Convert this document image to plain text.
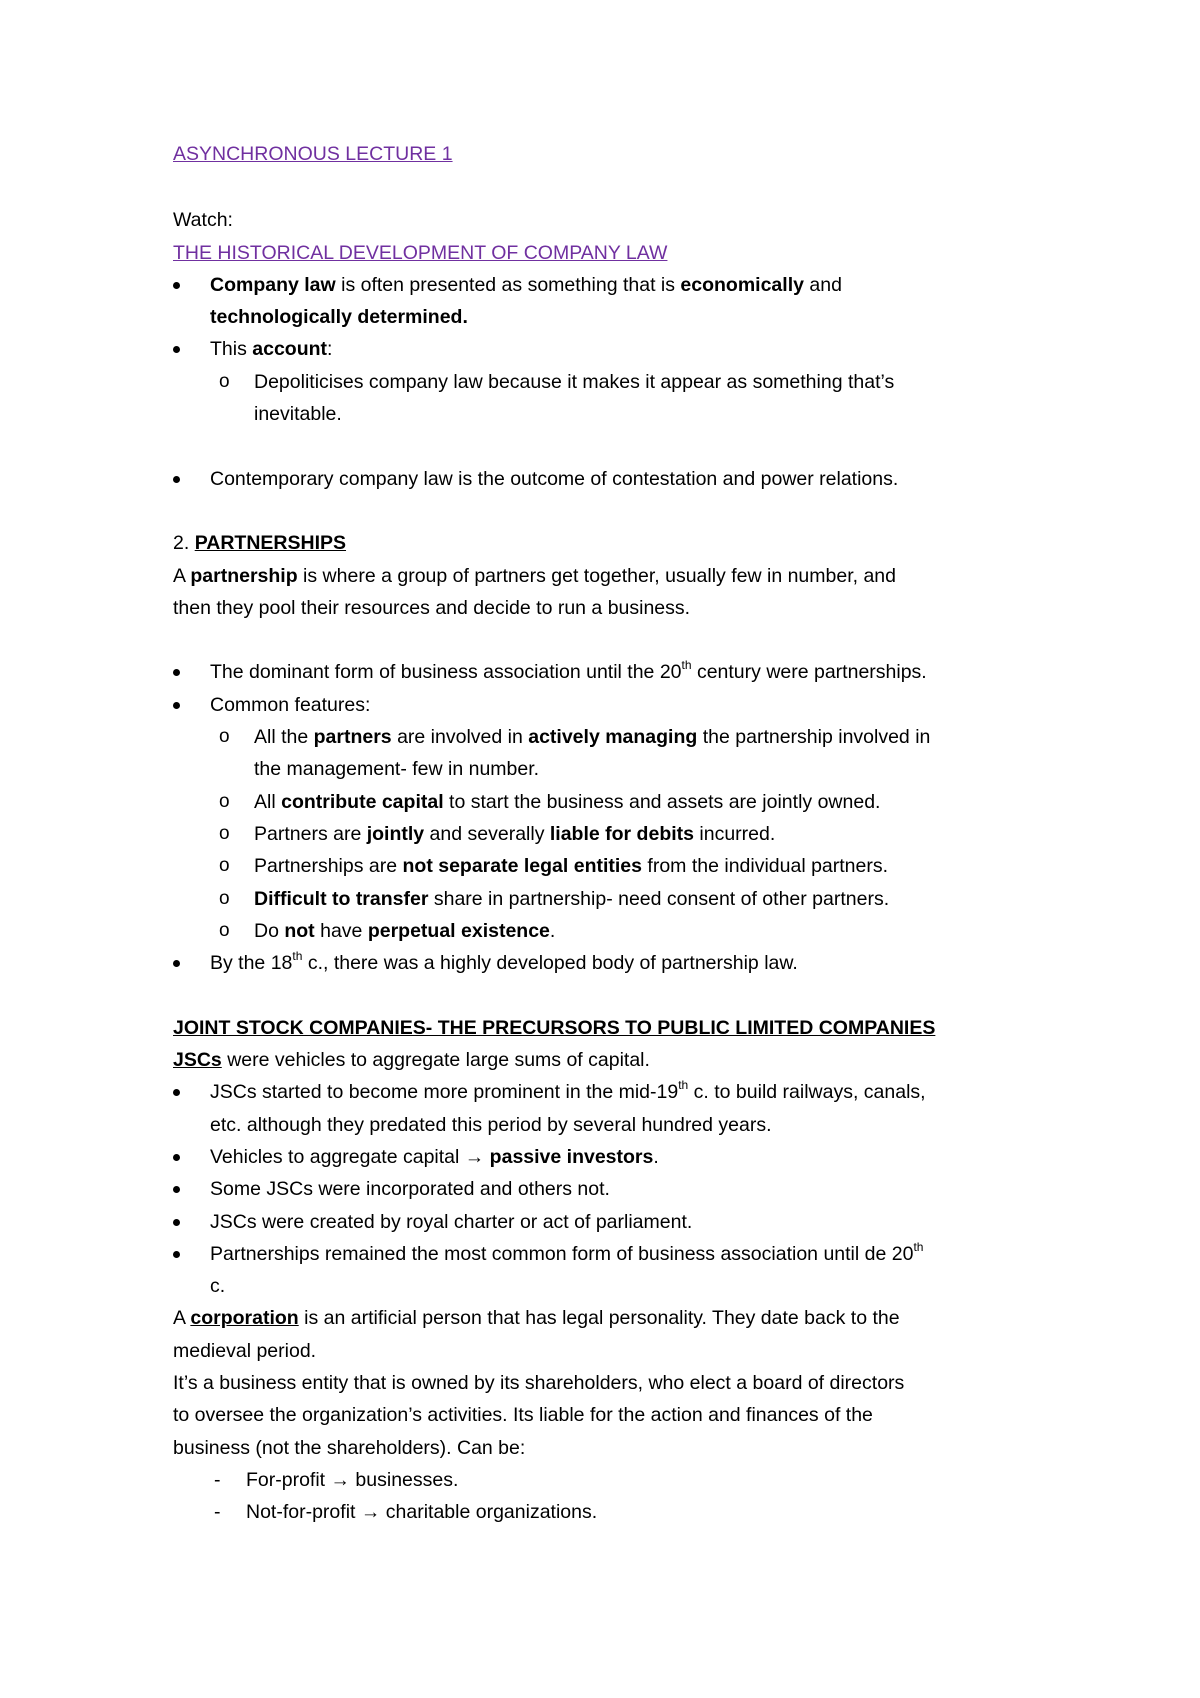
ASYNCHRONOUS LECTURE 1
Watch:
THE HISTORICAL DEVELOPMENT OF COMPANY LAW
Company law is often presented as something that is economically and
technologically determined.
This account:
o Depoliticises company law because it makes it appear as something that’s
inevitable.
Contemporary company law is the outcome of contestation and power relations.
2. PARTNERSHIPS
A partnership is where a group of partners get together, usually few in number, and
then they pool their resources and decide to run a business.
The dominant form of business association until the 20th century were partnerships.
Common features:
o All the partners are involved in actively managing the partnership involved in
the management- few in number.
o All contribute capital to start the business and assets are jointly owned.
o Partners are jointly and severally liable for debits incurred.
o Partnerships are not separate legal entities from the individual partners.
o Difficult to transfer share in partnership- need consent of other partners.
o Do not have perpetual existence.
By the 18th c., there was a highly developed body of partnership law.
JOINT STOCK COMPANIES- THE PRECURSORS TO PUBLIC LIMITED COMPANIES
JSCs were vehicles to aggregate large sums of capital.
JSCs started to become more prominent in the mid-19th c. to build railways, canals,
etc. although they predated this period by several hundred years.
Vehicles to aggregate capital → passive investors.
Some JSCs were incorporated and others not.
JSCs were created by royal charter or act of parliament.
Partnerships remained the most common form of business association until de 20th
c.
A corporation is an artificial person that has legal personality. They date back to the
medieval period.
It’s a business entity that is owned by its shareholders, who elect a board of directors
to oversee the organization’s activities. Its liable for the action and finances of the
business (not the shareholders). Can be:
- For-profit → businesses.
- Not-for-profit → charitable organizations.
